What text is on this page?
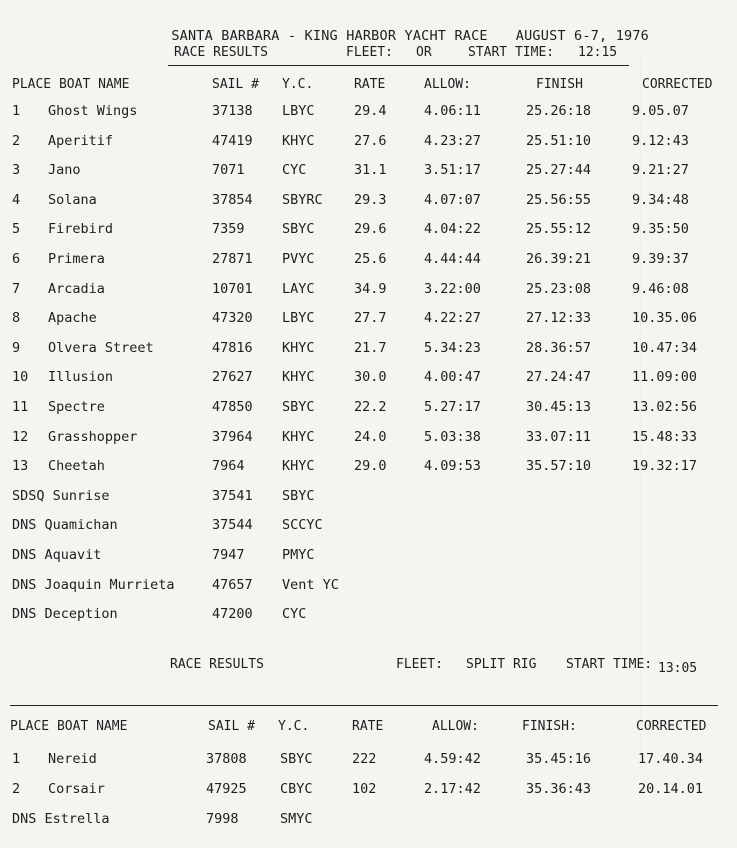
SANTA BARBARA - KING HARBOR YACHT RACE AUGUST 6-7, 1976

RACE RESULTS	FLEET: OR	START TIME: 12:15
PLACE BOAT NAME	SAIL # Y.C.	RATE	ALLOW:	FINISH	CORRECTED
1 Ghost Wings	37138 LBYC	29.4	4.06:11	25.26:18	9.05.07
2 Aperitif	47419 KHYC	27.6	4.23:27	25.51:10	9.12:43
3 Jano	7071	CYC	31.1	3.51:17	25.27:44	9.21:27
4 Solana	37854 SBYRC 29.3	4.07:07	25.56:55	9.34:48
5 Firebird	7359	SBYC	29.6	4.04:22	25.55:12	9.35:50
6 Primera	27871 PVYC	25.6	4.44:44	26.39:21	9.39:37
7 Arcadia	10701 LAYC	34.9	3.22:00	25.23:08	9.46:08
8 Apache	47320 LBYC	27.7	4.22:27	27.12:33	10.35.06
9 Olvera Street	47816 KHYC	21.7	5.34:23	28.36:57	10.47:34
10 Illusion	27627 KHYC	30.0	4.00:47	27.24:47	11.09:00
11 Spectre	47850 SBYC	22.2	5.27:17	30.45:13	13.02:56
12 Grasshopper	37964 KHYC	24.0	5.03:38	33.07:11	15.48:33
13 Cheetah	7964	KHYC	29.0	4.09:53	35.57:10	19.32:17
SDSQ Sunrise	37541 SBYC
DNS Quamichan	37544 SCCYC
DNS Aquavit	7947	PMYC
DNS Joaquin Murrieta	47657 Vent YC
DNS Deception	47200 CYC
RACE RESULTS	FLEET: SPLIT RIG START TIME: 13:05
PLACE BOAT NAME	SAIL # Y.C.	RATE	ALLOW:	FINISH:	CORRECTED
1 Nereid	37808 SBYC	222	4.59:42	35.45:16	17.40.34
2 Corsair	47925 CBYC	102	2.17:42	35.36:43	20.14.01
DNS Estrella	7998	SMYC
